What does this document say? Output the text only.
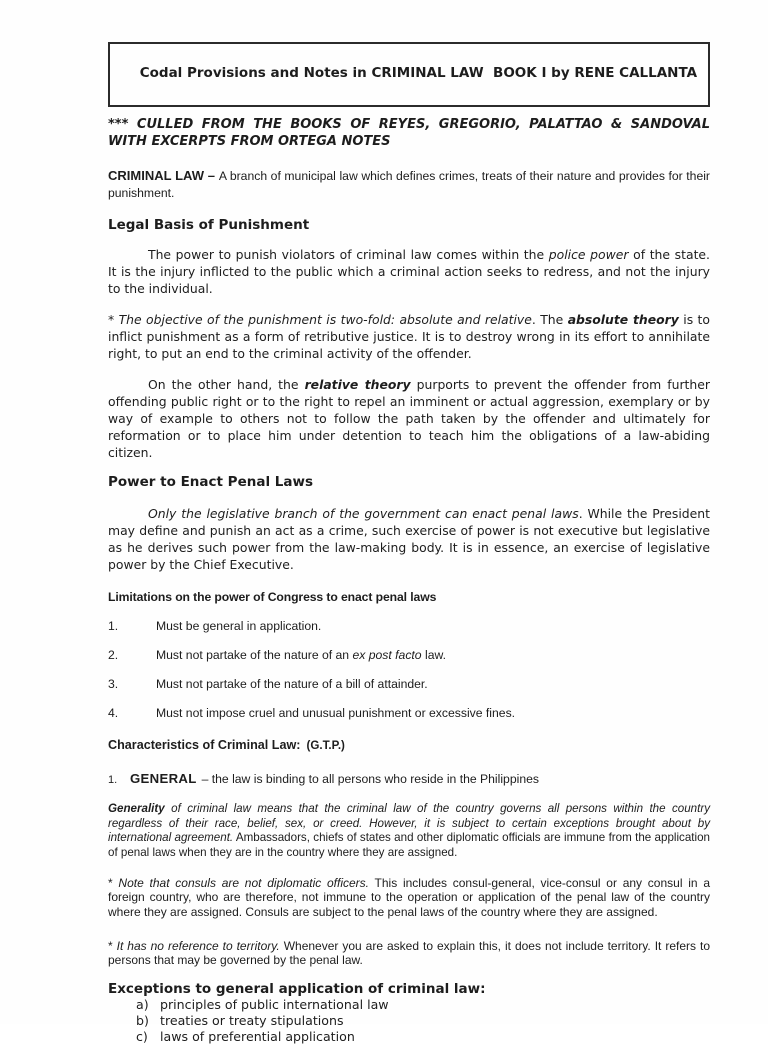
Codal Provisions and Notes in CRIMINAL LAW  BOOK I by RENE CALLANTA

*** CULLED FROM THE BOOKS OF REYES, GREGORIO, PALATTAO & SANDOVAL WITH EXCERPTS FROM ORTEGA NOTES
CRIMINAL LAW – A branch of municipal law which defines crimes, treats of their nature and provides for their punishment.
Legal Basis of Punishment
The power to punish violators of criminal law comes within the police power of the state. It is the injury inflicted to the public which a criminal action seeks to redress, and not the injury to the individual.
* The objective of the punishment is two-fold: absolute and relative. The absolute theory is to inflict punishment as a form of retributive justice. It is to destroy wrong in its effort to annihilate right, to put an end to the criminal activity of the offender.
On the other hand, the relative theory purports to prevent the offender from further offending public right or to the right to repel an imminent or actual aggression, exemplary or by way of example to others not to follow the path taken by the offender and ultimately for reformation or to place him under detention to teach him the obligations of a law-abiding citizen.
Power to Enact Penal Laws
Only the legislative branch of the government can enact penal laws. While the President may define and punish an act as a crime, such exercise of power is not executive but legislative as he derives such power from the law-making body. It is in essence, an exercise of legislative power by the Chief Executive.
Limitations on the power of Congress to enact penal laws
1.	Must be general in application.
2.	Must not partake of the nature of an ex post facto law.
3.	Must not partake of the nature of a bill of attainder.
4.	Must not impose cruel and unusual punishment or excessive fines.
Characteristics of Criminal Law: (G.T.P.)
1. GENERAL – the law is binding to all persons who reside in the Philippines
Generality of criminal law means that the criminal law of the country governs all persons within the country regardless of their race, belief, sex, or creed. However, it is subject to certain exceptions brought about by international agreement. Ambassadors, chiefs of states and other diplomatic officials are immune from the application of penal laws when they are in the country where they are assigned.
* Note that consuls are not diplomatic officers. This includes consul-general, vice-consul or any consul in a foreign country, who are therefore, not immune to the operation or application of the penal law of the country where they are assigned. Consuls are subject to the penal laws of the country where they are assigned.
* It has no reference to territory. Whenever you are asked to explain this, it does not include territory. It refers to persons that may be governed by the penal law.
Exceptions to general application of criminal law:
a) principles of public international law
b) treaties or treaty stipulations
c) laws of preferential application
